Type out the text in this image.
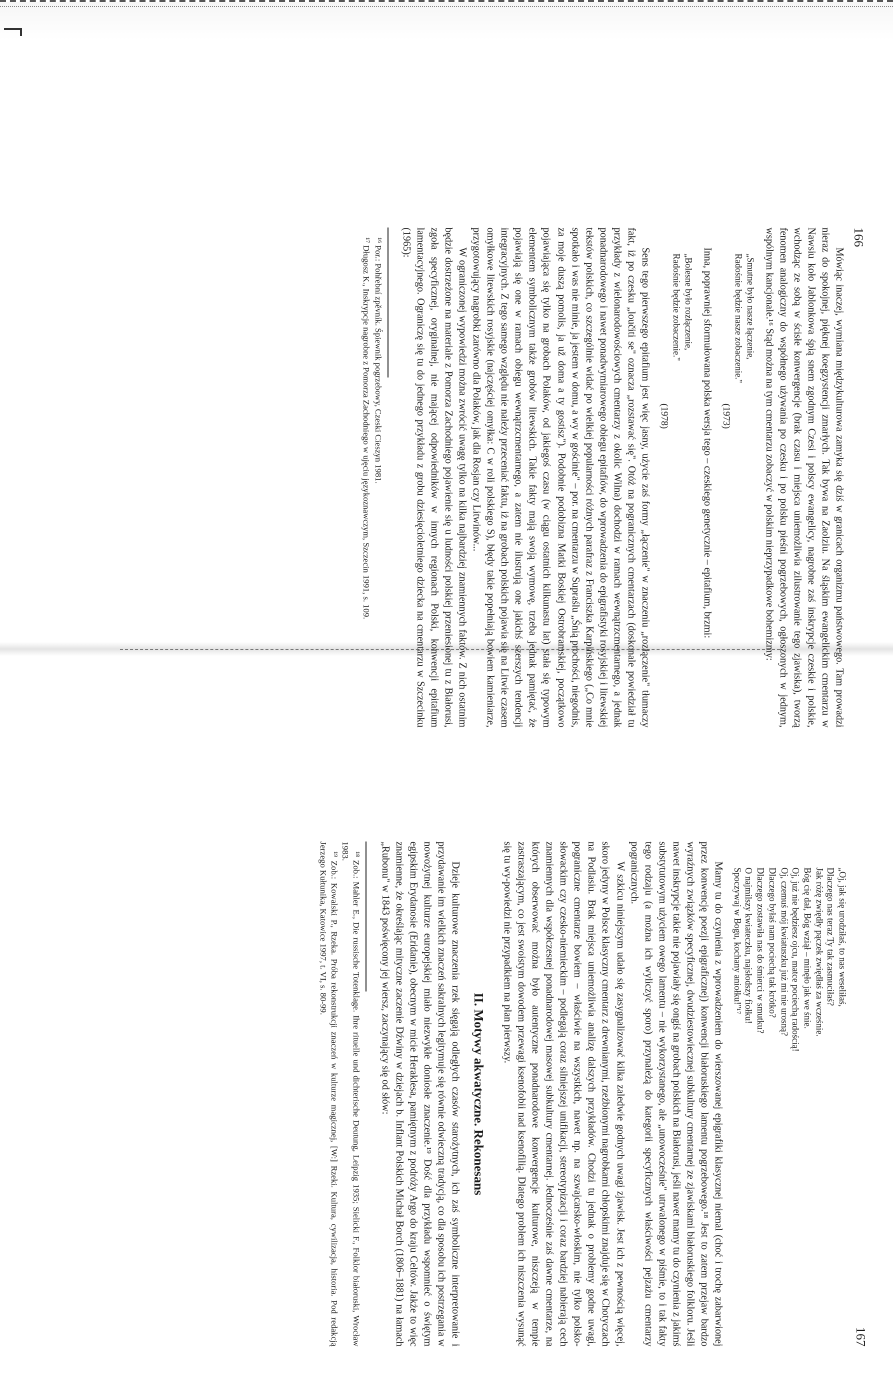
166

Mówiąc inaczej, wymiana międzykulturowa zamyka się dziś w granicach organizmu państwowego. Tam prowadzi nieraz do spokojnej, pięknej koegzystencji zmarłych. Tak bywa na Zaolziu. Na śląskim ewangelickim cmentarzu w Nawsiu koło Jablonkowa śpią snem zgodnym Czesi i polscy ewangelicy, nagrobne zaś inskrypcje czeskie i polskie, wchodząc ze sobą w ścisłe konwergencje (brak czasu i miejsca uniemożliwia zilustrowanie tego zjawiska), tworzą fenomen analogiczny do współnego używania po czesku i po polsku pieśni pogrzebowych, ogłoszonych w jednym, wspólnym kancjonale.¹⁶ Stąd można na tym cmentarzu zobaczyć w polskim nieprzypadkowe bohemizmy:

„Smutne było nasze łączenie,
Radośnie będzie nasze zobaczenie."
(1973)

Inna, poprawniej sformułowana polska wersja tego – czeskiego genetycznie – epitafium, brzmi:

„Bolesne było rozłączenie,
Radośnie będzie zobaczenie."
(1978)

Sens tego pierwszego epitafium jest więc jasny, użycie zaś formy „łączenie" w znaczeniu „rozłączenie" tłumaczy fakt, iż po czesku „loučiti se" oznacza „rozstawać się". Otóż na pogranicznych cmentarzach (doskonale powiedział tu przykłady z wielonarodowościowych cmentarzy z okolic Wilna) dochodzi w ramach wewnątrzcmentarnego, a jednak ponadnarodowego i nawet ponadwymiarowego obiegu epitafiów, do wprowadzenia do epigrafistyki rosyjskiej i litewskiej tekstów polskich, co szczególnie widać po wielkiej popularności różnych parafraz z Franciszka Karpińskiego („Co mnie spotkało i was nie minie, ja jestem w domu, a wy w gościnie" – por. na cmentarzu w Supraślu „Śnią prochości, niegodnis, za moje duszą pomolis, ja už doma a ty gostisz"). Podobnie podobizna Matki Boskiej Ostrobramskiej, początkowo pojawiająca się tylko na grobach Polaków, od jakiegoś czasu (w ciągu ostatnich kilkunastu lat) stała się typowym elementem symbolicznym także grobów litewskich. Takie fakty mają swoją wymowę, trzeba jednak pamiętać, że pojawiają się one w ramach obiegu wewnątrzcmentarnego, a zatem nie ilustrują one jakichś szerszych tendencji integracyjnych. Z tego samego względu nie należy przeceniać faktu, iż na grobach polskich pojawia się na Litwie czasem omyłkowe litewskich rosyjskie (najczęściej omyłka: C w roli polskiego S), błędy takie popełniają bowiem kamieniarze, przygotowujący nagrobki zarówno dla Polaków, jak dla Rosjan czy Litwinów...

W ograniczonej wypowiedzi można zwrócić uwagę tylko na kilka najbardziej znamiennych faktów. Z nich ostatnim będzie dostrzeżone na materiale z Pomorza Zachodniego pojawienie się u ludności polskiej przeniesionej tu z Białorusi, zgoła specyficznej, oryginalnej, nie mającej odpowiedników w innych regionach Polski, konwencji epitafium lamentacyjnego. Ograniczę się tu do jednego przykładu z grobu dziesięcioletniego dziecka na cmentarzu w Szczecinku (1965):

¹⁶ Por.: Pohřební zpěvník. Śpiewnik pogrzebowy, Czeski Cieszyn 1981.

¹⁷ Długosz K., Inskrypcje nagrobne z Pomorza Zachodniego w ujęciu językoznawczym, Szczecin 1991, s. 109.

167
„Oj, jak się urodziłaś, to nas weseliłaś,
Dlaczego nas teraz Ty tak zasmuciłaś?
Jak różę zwiędły pączek zwiędłaś za wcześnie.
Bóg cię dał, Bóg wziął – minęło jak we śnie.
Oj, już nie będziesz ojcu, matce pociechą radością!
Oj, czemuś mój kwiatuszku już mi nie urosną?
Dlaczego byłaś nam pociechą tak krótko?
Dlaczego zostawiła nas do śmierci w smutku?
O najmilszy kwiateczku, najsłodszy fiołku!
Spoczywaj w Bogu, kochany aniołku!"¹⁷

Mamy tu do czynienia z wprowadzeniem do wierszowanej epigrafiki klasycznej niemal (choć i trochę zabarwionej przez konwencję poezji epigraficznej) konwencji białoruskiego lamentu pogrzebowego.¹⁸ Jest to zatem przejaw bardzo wyraźnych związków specyficznej, dwudziestowiecznej subkultury cmentarnej ze zjawiskami białoruskiego folkloru. Jeśli nawet inskrypcje takie nie pojawiały się ongiś na grobach polskich na Białorusi, jeśli nawet mamy tu do czynienia z jakimś substytutowym użyciem owego lamentu – nie wykorzystanego, ale „unowocześnie" utrwalonego w piśmie, to i tak fakty tego rodzaju (a można ich wyliczyć sporo) przynależą do kategorii specyficznych właściwości pejzażu cmentarzy pogranicznych.

W szkicu niniejszym udało się zasygnalizować kilka zaledwie godnych uwagi zjawisk. Jest ich z pewnością więcej, skoro jedyny w Polsce klasyczny cmentarz z drewnianymi, rzeźbionymi nagrobkami chłopskimi znajduje się w Chotyczach na Podlasiu. Brak miejsca uniemożliwia analizę dalszych przykładów. Chodzi tu jednak o problemy godne uwagi, pograniczne cmentarze bowiem – właściwie na wszystkich, nawet np. na szwajcarsko-włoskim, nie tylko polsko-słowackim czy czesko-niemieckim – podlegają coraz silniejszej unifikacji, stereotypizacji i coraz bardziej nabierają cech znamiennych dla współczesnej ponadnarodowej masowej subkultury cmentarnej. Jednocześnie zaś dawne cmentarze, na których obserwować można było autentyczne ponadnarodowe konwergencje kulturowe, niszczeją w tempie zastraszającym, co jest swoistym dowodem przewagi ksenofobii nad ksenofilią. Dlatego problem ich niszczenia wysunąć się tu wy-powiedzi nie przypadkiem na plan pierwszy.

II. Motywy akwatyczne. Rekonesans

Dzieje kulturowe znaczenia rzek sięgają odległych czasów starożytnych, ich zaś symboliczne interpretowanie i przydawanie im wielkich znaczeń sakralnych legitymuje się równie odwieczną tradycją, co dla sposobu ich postrzegania w nowożytnej kulturze europejskiej miało niezwykłe doniosłe znaczenie.¹⁹ Dość dla przykładu wspomnieć o świętym egipskim Erydanosie (Eridanie), obecnym w micie Heraklesa, pamiętnym z podróży Argo do kraju Celtów. Jakże to więc znamienne, że określając mityczne zaczenie Dźwiny w dziejach b. Inflant Polskich Michał Borch (1806–1881) na łamach „Rubonu" w 1843 poświęcony jej wiersz, zaczynający się od słów:

¹⁸ Zob.: Mahler E., Die russische Totenklage. Ihre rituelle und dichterische Deutung, Leipzig 1935; Sielicki F., Folklor białoruski, Wrocław 1983.

¹⁹ Zob.: Kowalski P., Rzeka. Próba rekonstrukcji znaczeń w kulturze magicznej, [W:] Rzeki. Kultura, cywilizacja, historia. Pod redakcją Jerzego Kułtunika, Katowice 1997, t. VI, s. 80-99.
